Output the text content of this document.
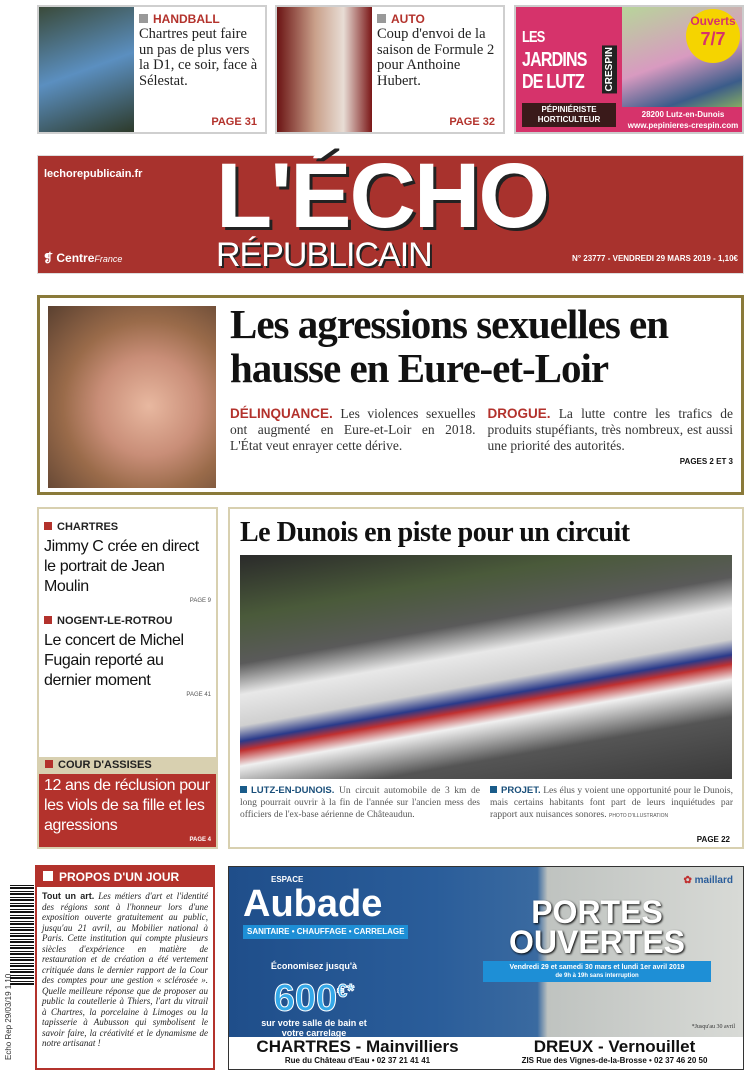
HANDBALL
Chartres peut faire un pas de plus vers la D1, ce soir, face à Sélestat.
PAGE 31
AUTO
Coup d'envoi de la saison de Formule 2 pour Anthoine Hubert.
PAGE 32
LES
JARDINS
DE LUTZ CRESPIN
PÉPINIÉRISTE HORTICULTEUR
Ouverts
7/7
28200 Lutz-en-Dunois
www.pepinieres-crespin.com
lechorepublicain.fr L'ÉCHO
RÉPUBLICAIN
❡ CentreFrance	N° 23777 - VENDREDI 29 MARS 2019 - 1,10€
Les agressions sexuelles en hausse en Eure-et-Loir

DÉLINQUANCE. Les violences sexuelles ont augmenté en Eure-et-Loir en 2018. L'État veut enrayer cette dérive.

DROGUE. La lutte contre les trafics de produits stupéfiants, très nombreux, est aussi une priorité des autorités.

PAGES 2 ET 3
CHARTRES
Jimmy C crée en direct le portrait de Jean Moulin
PAGE 9
NOGENT-LE-ROTROU
Le concert de Michel Fugain reporté au dernier moment
PAGE 41
COUR D'ASSISES
12 ans de réclusion pour les viols de sa fille et les agressions
PAGE 4
Le Dunois en piste pour un circuit

LUTZ-EN-DUNOIS. Un circuit automobile de 3 km de long pourrait ouvrir à la fin de l'année sur l'ancien mess des officiers de l'ex-base aérienne de Châteaudun.

PROJET. Les élus y voient une opportunité pour le Dunois, mais certains habitants font part de leurs inquiétudes par rapport aux nuisances sonores. PHOTO D'ILLUSTRATION

PAGE 22
Echo Rep 29/03/19 1,10
PROPOS D'UN JOUR

Tout un art. Les métiers d'art et l'identité des régions sont à l'honneur lors d'une exposition ouverte gratuitement au public, jusqu'au 21 avril, au Mobilier national à Paris. Cette institution qui compte plusieurs siècles d'expérience en matière de restauration et de création a été vertement critiquée dans le dernier rapport de la Cour des comptes pour une gestion « sclérosée ». Quelle meilleure réponse que de proposer au public la coutellerie à Thiers, l'art du vitrail à Chartres, la porcelaine à Limoges ou la tapisserie à Aubusson qui symbolisent le savoir faire, la créativité et le dynamisme de notre artisanat !

ESPACE
Aubade
SANITAIRE • CHAUFFAGE • CARRELAGE
Économisez jusqu'à
600€*
sur votre salle de bain et votre carrelage
PORTES
OUVERTES
Vendredi 29 et samedi 30 mars et lundi 1er avril 2019
de 9h à 19h sans interruption
✿ maillard
*Jusqu'au 30 avril
CHARTRES - Mainvilliers
Rue du Château d'Eau • 02 37 21 41 41
DREUX - Vernouillet
ZIS Rue des Vignes-de-la-Brosse • 02 37 46 20 50
